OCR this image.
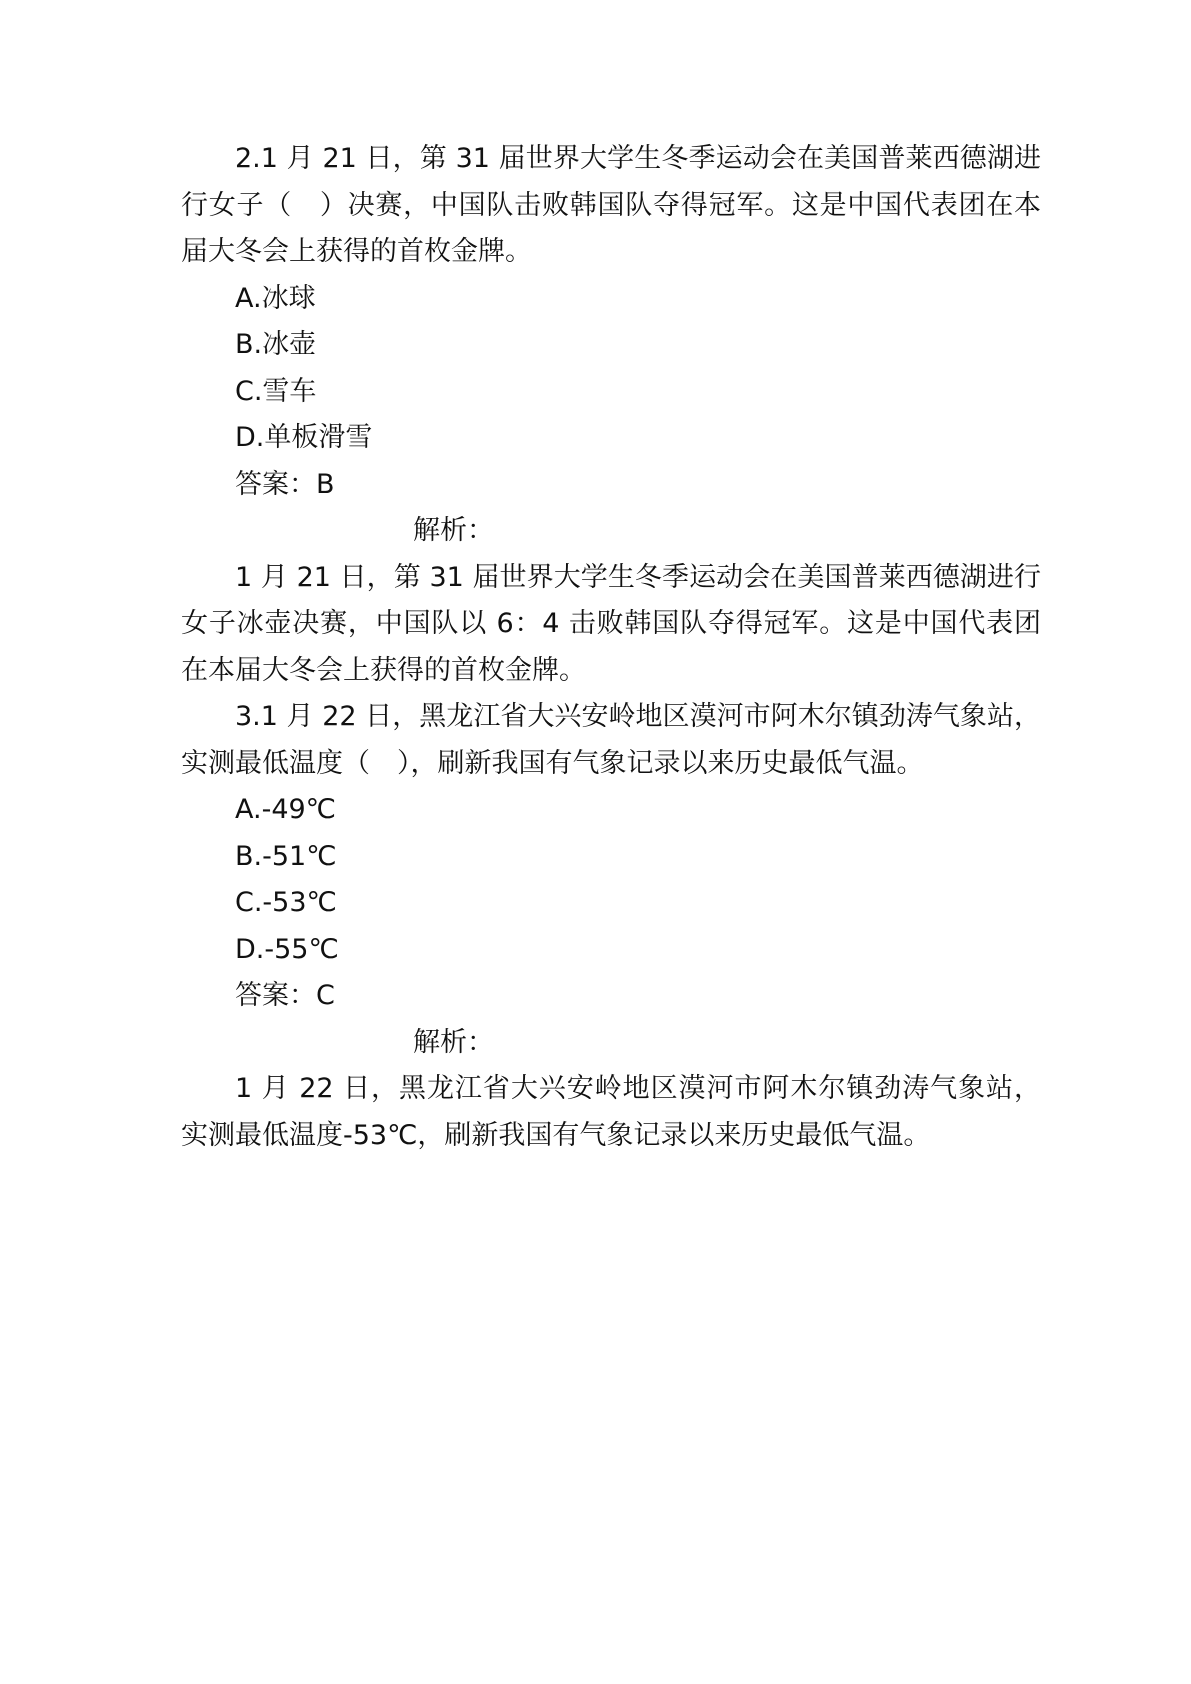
2.1 月 21 日，第 31 届世界大学生冬季运动会在美国普莱西德湖进行女子（　）决赛，中国队击败韩国队夺得冠军。这是中国代表团在本届大冬会上获得的首枚金牌。

A.冰球

B.冰壶

C.雪车

D.单板滑雪

答案：B

解析：

1 月 21 日，第 31 届世界大学生冬季运动会在美国普莱西德湖进行女子冰壶决赛，中国队以 6：4 击败韩国队夺得冠军。这是中国代表团在本届大冬会上获得的首枚金牌。

3.1 月 22 日，黑龙江省大兴安岭地区漠河市阿木尔镇劲涛气象站，实测最低温度（　），刷新我国有气象记录以来历史最低气温。

A.-49℃

B.-51℃

C.-53℃

D.-55℃

答案：C

解析：

1 月 22 日，黑龙江省大兴安岭地区漠河市阿木尔镇劲涛气象站，实测最低温度-53℃，刷新我国有气象记录以来历史最低气温。
